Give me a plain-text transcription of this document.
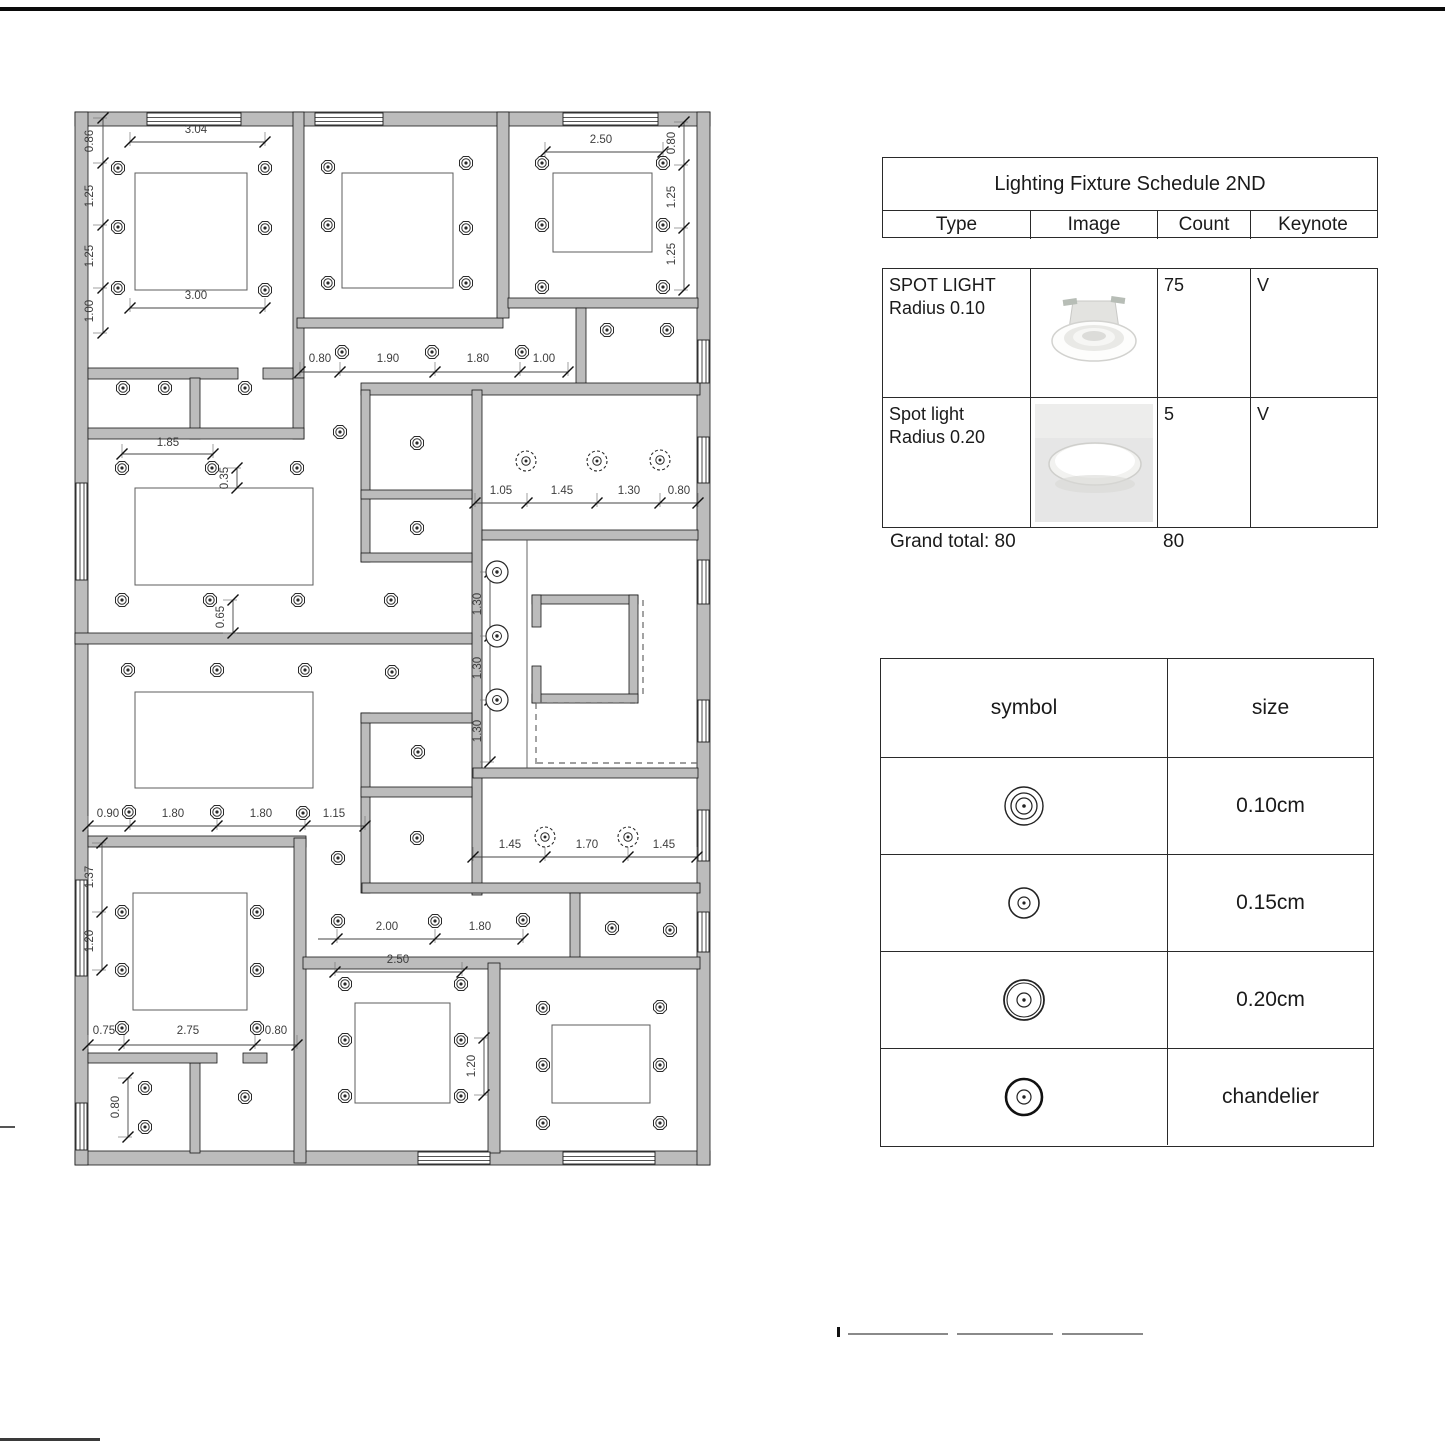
3.04
3.00
2.50
0.80	1.90	1.80	1.00
1.85
1.05	1.45	1.30 0.80
0.90	1.80	1.80	1.15
1.45	1.70	1.45
2.00	1.80
2.50
0.75	2.75	0.80
0.86
1.25
1.25
1.00
0.80
1.25
1.25
0.35
0.65
1.30
1.30
1.30
1.37
1.20
1.20
0.80
Lighting Fixture Schedule 2ND
Type	Image	Count	Keynote
SPOT LIGHT
Radius 0.10
75	V
Spot light
Radius 0.20
5	V
Grand total: 80	80
symbol	size
0.10cm
0.15cm
0.20cm
chandelier
